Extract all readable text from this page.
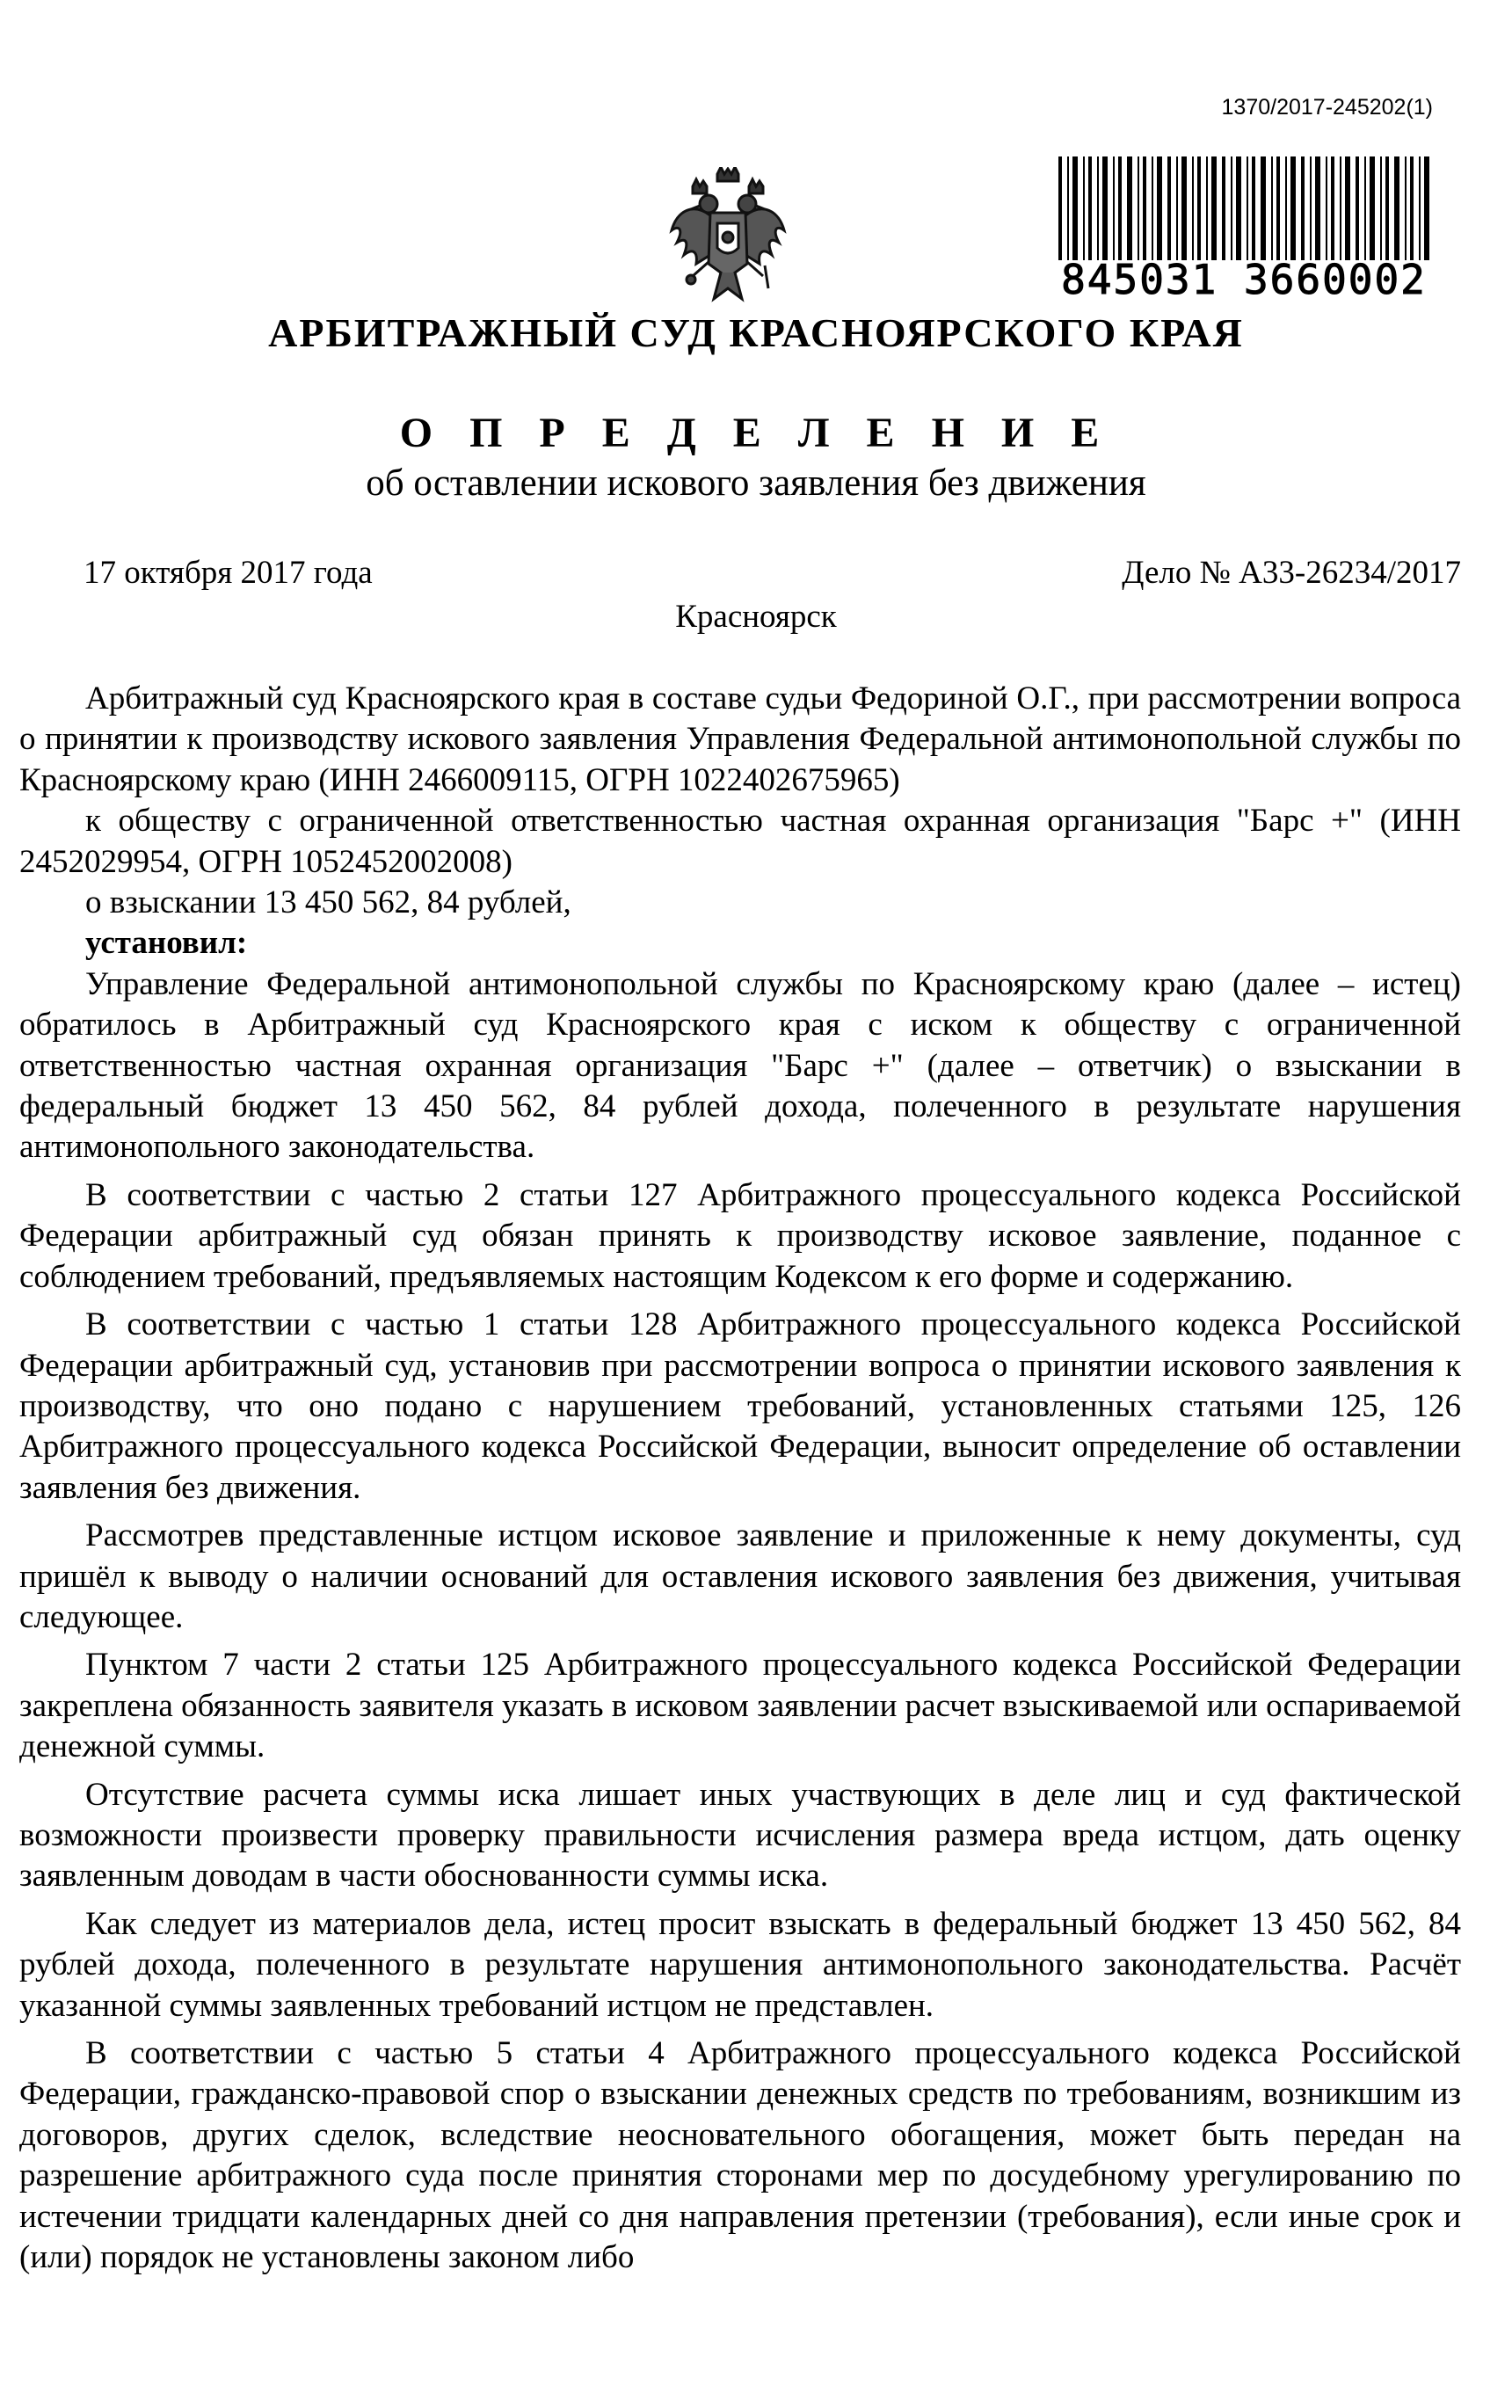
1370/2017-245202(1)
845031 3660002
АРБИТРАЖНЫЙ СУД КРАСНОЯРСКОГО КРАЯ
О П Р Е Д Е Л Е Н И Е
об оставлении искового заявления без движения
17 октября 2017 года	Дело № А33-26234/2017
Красноярск

Арбитражный суд Красноярского края в составе судьи Федориной О.Г., при рассмотрении вопроса о принятии к производству искового заявления Управления Федеральной антимонопольной службы по Красноярскому краю (ИНН 2466009115, ОГРН 1022402675965)

к обществу с ограниченной ответственностью частная охранная организация "Барс +" (ИНН 2452029954, ОГРН 1052452002008)

о взыскании 13 450 562, 84 рублей,

установил:

Управление Федеральной антимонопольной службы по Красноярскому краю (далее – истец) обратилось в Арбитражный суд Красноярского края с иском к обществу с ограниченной ответственностью частная охранная организация "Барс +" (далее – ответчик) о взыскании в федеральный бюджет 13 450 562, 84 рублей дохода, полеченного в результате нарушения антимонопольного законодательства.

В соответствии с частью 2 статьи 127 Арбитражного процессуального кодекса Российской Федерации арбитражный суд обязан принять к производству исковое заявление, поданное с соблюдением требований, предъявляемых настоящим Кодексом к его форме и содержанию.

В соответствии с частью 1 статьи 128 Арбитражного процессуального кодекса Российской Федерации арбитражный суд, установив при рассмотрении вопроса о принятии искового заявления к производству, что оно подано с нарушением требований, установленных статьями 125, 126 Арбитражного процессуального кодекса Российской Федерации, выносит определение об оставлении заявления без движения.

Рассмотрев представленные истцом исковое заявление и приложенные к нему документы, суд пришёл к выводу о наличии оснований для оставления искового заявления без движения, учитывая следующее.

Пунктом 7 части 2 статьи 125 Арбитражного процессуального кодекса Российской Федерации закреплена обязанность заявителя указать в исковом заявлении расчет взыскиваемой или оспариваемой денежной суммы.

Отсутствие расчета суммы иска лишает иных участвующих в деле лиц и суд фактической возможности произвести проверку правильности исчисления размера вреда истцом, дать оценку заявленным доводам в части обоснованности суммы иска.

Как следует из материалов дела, истец просит взыскать в федеральный бюджет 13 450 562, 84 рублей дохода, полеченного в результате нарушения антимонопольного законодательства. Расчёт указанной суммы заявленных требований истцом не представлен.

В соответствии с частью 5 статьи 4 Арбитражного процессуального кодекса Российской Федерации, гражданско-правовой спор о взыскании денежных средств по требованиям, возникшим из договоров, других сделок, вследствие неосновательного обогащения, может быть передан на разрешение арбитражного суда после принятия сторонами мер по досудебному урегулированию по истечении тридцати календарных дней со дня направления претензии (требования), если иные срок и (или) порядок не установлены законом либо
